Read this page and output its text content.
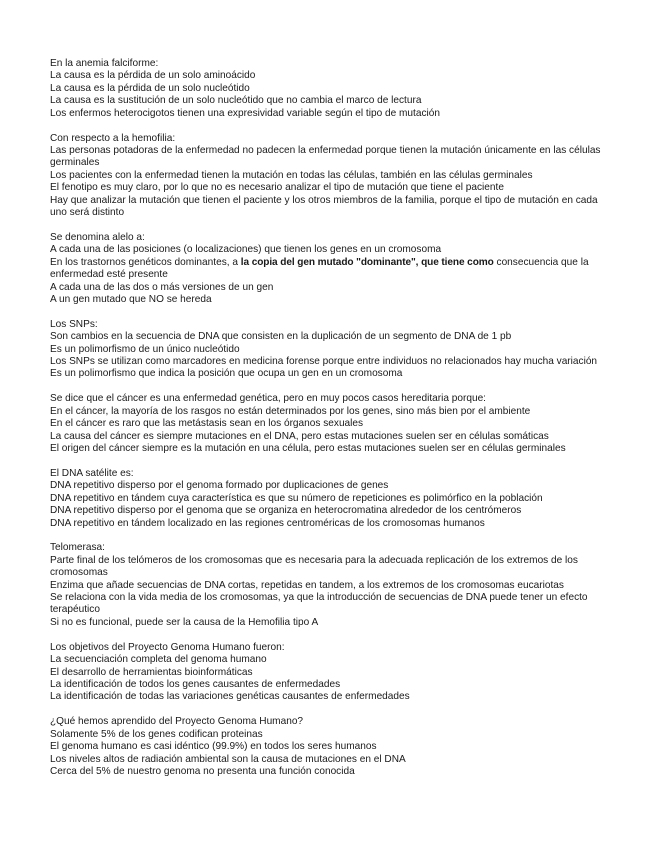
En la anemia falciforme:

La causa es la pérdida de un solo aminoácido

La causa es la pérdida de un solo nucleótido

La causa es la sustitución de un solo nucleótido que no cambia el marco de lectura

Los enfermos heterocigotos tienen una expresividad variable según el tipo de mutación

Con respecto a la hemofilia:

Las personas potadoras de la enfermedad no padecen la enfermedad porque tienen la mutación únicamente en las células germinales

Los pacientes con la enfermedad tienen la mutación en todas las células, también en las células germinales

El fenotipo es muy claro, por lo que no es necesario analizar el tipo de mutación que tiene el paciente

Hay que analizar la mutación que tienen el paciente y los otros miembros de la familia, porque el tipo de mutación en cada uno será distinto

Se denomina alelo a:

A cada una de las posiciones (o localizaciones) que tienen los genes en un cromosoma

En los trastornos genéticos dominantes, a la copia del gen mutado "dominante", que tiene como consecuencia que la enfermedad esté presente

A cada una de las dos o más versiones de un gen

A un gen mutado que NO se hereda

Los SNPs:

Son cambios en la secuencia de DNA que consisten en la duplicación de un segmento de DNA de 1 pb

Es un polimorfismo de un único nucleótido

Los SNPs se utilizan como marcadores en medicina forense porque entre individuos no relacionados hay mucha variación

Es un polimorfismo que indica la posición que ocupa un gen en un cromosoma

Se dice que el cáncer es una enfermedad genética, pero en muy pocos casos hereditaria porque:

En el cáncer, la mayoría de los rasgos no están determinados por los genes, sino más bien por el ambiente

En el cáncer es raro que las metástasis sean en los órganos sexuales

La causa del cáncer es siempre mutaciones en el DNA, pero estas mutaciones suelen ser en células somáticas

El origen del cáncer siempre es la mutación en una célula, pero estas mutaciones suelen ser en células germinales

El DNA satélite es:

DNA repetitivo disperso por el genoma formado por duplicaciones de genes

DNA repetitivo en tándem cuya característica es que su número de repeticiones es polimórfico en la población

DNA repetitivo disperso por el genoma que se organiza en heterocromatina alrededor de los centrómeros

DNA repetitivo en tándem localizado en las regiones centroméricas de los cromosomas humanos

Telomerasa:

Parte final de los telómeros de los cromosomas que es necesaria para la adecuada replicación de los extremos de los cromosomas

Enzima que añade secuencias de DNA cortas, repetidas en tandem, a los extremos de los cromosomas eucariotas

Se relaciona con la vida media de los cromosomas, ya que la introducción de secuencias de DNA puede tener un efecto terapéutico

Si no es funcional, puede ser la causa de la Hemofilia tipo A

Los objetivos del Proyecto Genoma Humano fueron:

La secuenciación completa del genoma humano

El desarrollo de herramientas bioinformáticas

La identificación de todos los genes causantes de enfermedades

La identificación de todas las variaciones genéticas causantes de enfermedades

¿Qué hemos aprendido del Proyecto Genoma Humano?

Solamente 5% de los genes codifican proteinas

El genoma humano es casi idéntico (99.9%) en todos los seres humanos

Los niveles altos de radiación ambiental son la causa de mutaciones en el DNA

Cerca del 5% de nuestro genoma no presenta una función conocida
